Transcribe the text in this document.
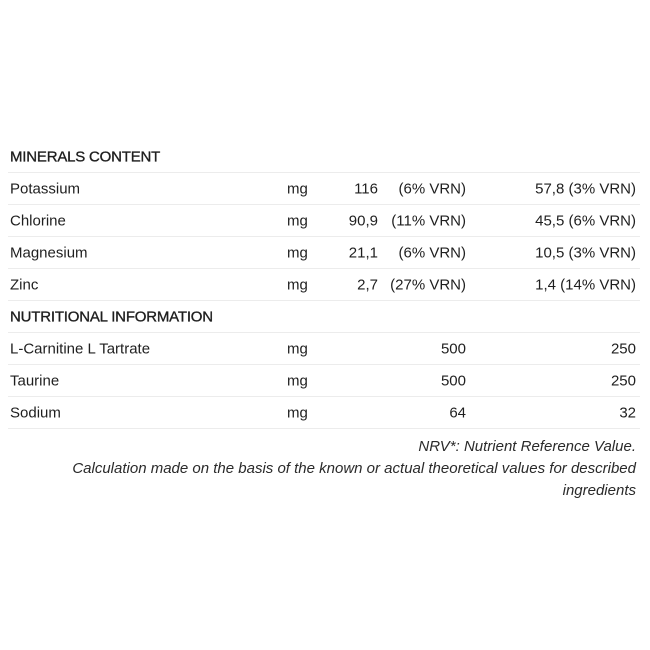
MINERALS CONTENT
Potassium	mg	116 (6% VRN)	57,8 (3% VRN)
Chlorine	mg	90,9 (11% VRN)	45,5 (6% VRN)
Magnesium	mg	21,1 (6% VRN)	10,5 (3% VRN)
Zinc	mg	2,7 (27% VRN)	1,4 (14% VRN)
NUTRITIONAL INFORMATION
L-Carnitine L Tartrate	mg	500	250
Taurine	mg	500	250
Sodium	mg	64	32
NRV*: Nutrient Reference Value.
Calculation made on the basis of the known or actual theoretical values for described
ingredients
